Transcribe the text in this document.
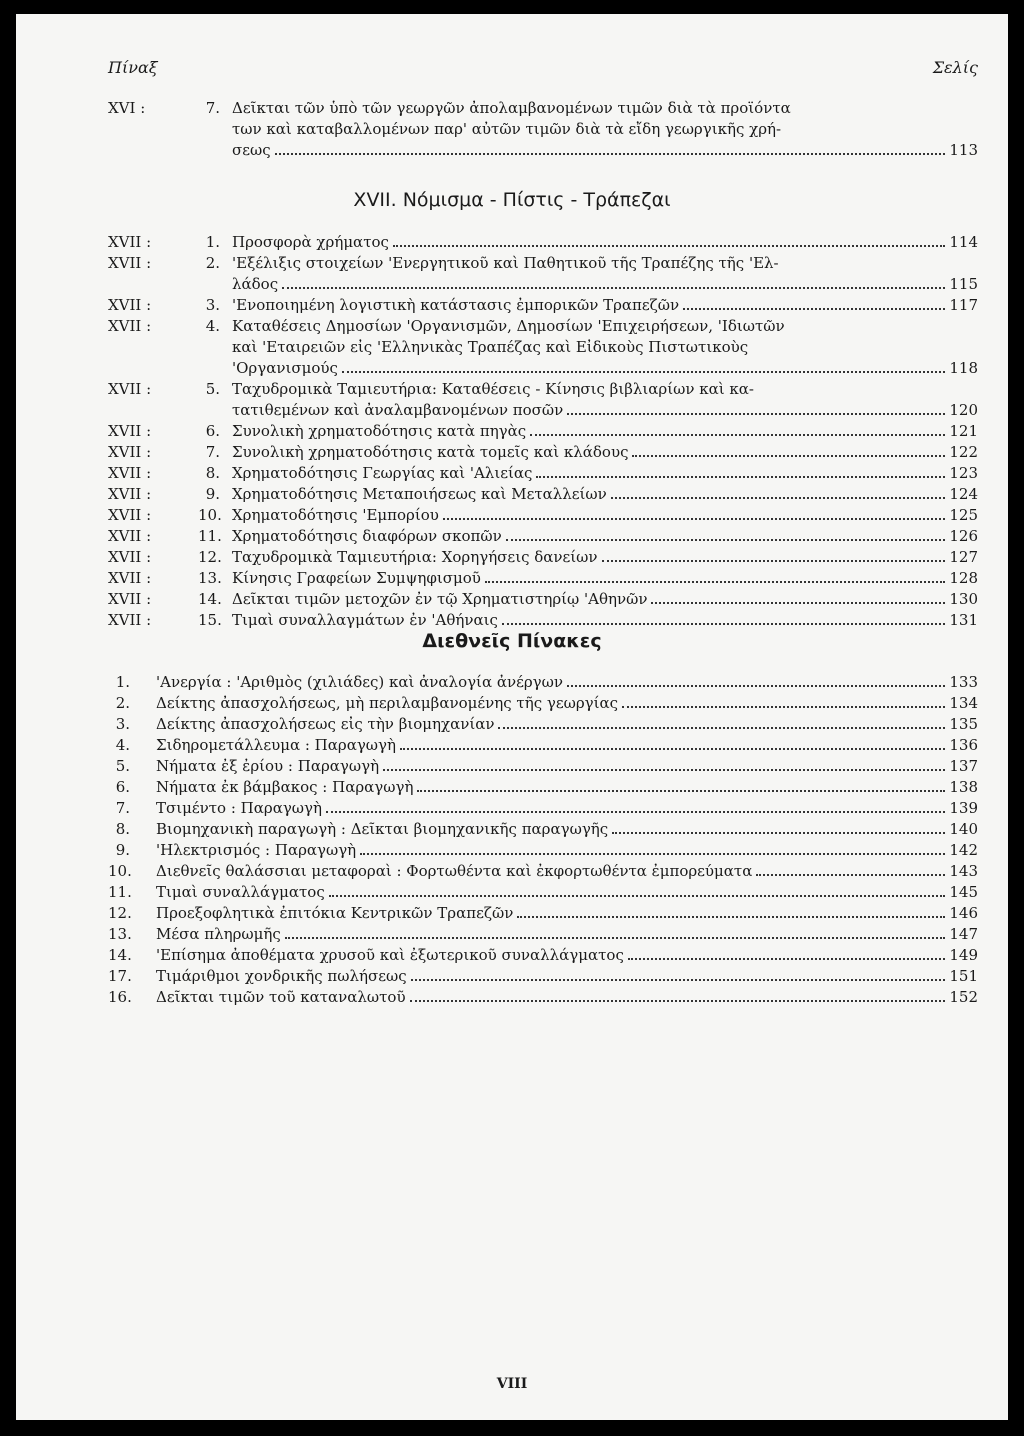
Πίναξ	Σελίς
XVI :	7. Δεῖκται τῶν ὑπὸ τῶν γεωργῶν ἀπολαμβανομένων τιμῶν διὰ τὰ προϊόντα
των καὶ καταβαλλομένων παρ' αὐτῶν τιμῶν διὰ τὰ εἴδη γεωργικῆς χρή-
σεως	113
XVII. Νόμισμα - Πίστις - Τράπεζαι
XVII :	1. Προσφορὰ χρήματος	114
XVII :	2. 'Εξέλιξις στοιχείων 'Ενεργητικοῦ καὶ Παθητικοῦ τῆς Τραπέζης τῆς 'Ελ-
λάδος	115
XVII :	3. 'Ενοποιημένη λογιστικὴ κατάστασις ἐμπορικῶν Τραπεζῶν	117
XVII :	4. Καταθέσεις Δημοσίων 'Οργανισμῶν, Δημοσίων 'Επιχειρήσεων, 'Ιδιωτῶν
καὶ 'Εταιρειῶν εἰς 'Ελληνικὰς Τραπέζας καὶ Εἰδικοὺς Πιστωτικοὺς
'Οργανισμούς	118
XVII :	5. Ταχυδρομικὰ Ταμιευτήρια: Καταθέσεις - Κίνησις βιβλιαρίων καὶ κα-
τατιθεμένων καὶ ἀναλαμβανομένων ποσῶν	120
XVII :	6. Συνολικὴ χρηματοδότησις κατὰ πηγὰς	121
XVII :	7. Συνολικὴ χρηματοδότησις κατὰ τομεῖς καὶ κλάδους	122
XVII :	8. Χρηματοδότησις Γεωργίας καὶ 'Αλιείας	123
XVII :	9. Χρηματοδότησις Μεταποιήσεως καὶ Μεταλλείων	124
XVII :	10. Χρηματοδότησις 'Εμπορίου	125
XVII :	11. Χρηματοδότησις διαφόρων σκοπῶν	126
XVII :	12. Ταχυδρομικὰ Ταμιευτήρια: Χορηγήσεις δανείων	127
XVII :	13. Κίνησις Γραφείων Συμψηφισμοῦ	128
XVII :	14. Δεῖκται τιμῶν μετοχῶν ἐν τῷ Χρηματιστηρίῳ 'Αθηνῶν	130
XVII :	15. Τιμαὶ συναλλαγμάτων ἐν 'Αθήναις	131
Διεθνεῖς Πίνακες
1. 'Ανεργία : 'Αριθμὸς (χιλιάδες) καὶ ἀναλογία ἀνέργων	133
2. Δείκτης ἀπασχολήσεως, μὴ περιλαμβανομένης τῆς γεωργίας	134
3. Δείκτης ἀπασχολήσεως εἰς τὴν βιομηχανίαν	135
4. Σιδηρομετάλλευμα : Παραγωγὴ	136
5. Νήματα ἐξ ἐρίου : Παραγωγὴ	137
6. Νήματα ἐκ βάμβακος : Παραγωγὴ	138
7. Τσιμέντο : Παραγωγὴ	139
8. Βιομηχανικὴ παραγωγὴ : Δεῖκται βιομηχανικῆς παραγωγῆς	140
9. 'Ηλεκτρισμός : Παραγωγὴ	142
10. Διεθνεῖς θαλάσσιαι μεταφοραὶ : Φορτωθέντα καὶ ἐκφορτωθέντα ἐμπορεύματα	143
11. Τιμαὶ συναλλάγματος	145
12. Προεξοφλητικὰ ἐπιτόκια Κεντρικῶν Τραπεζῶν	146
13. Μέσα πληρωμῆς	147
14. 'Επίσημα ἀποθέματα χρυσοῦ καὶ ἐξωτερικοῦ συναλλάγματος	149
17. Τιμάριθμοι χονδρικῆς πωλήσεως	151
16. Δεῖκται τιμῶν τοῦ καταναλωτοῦ	152
VIII
